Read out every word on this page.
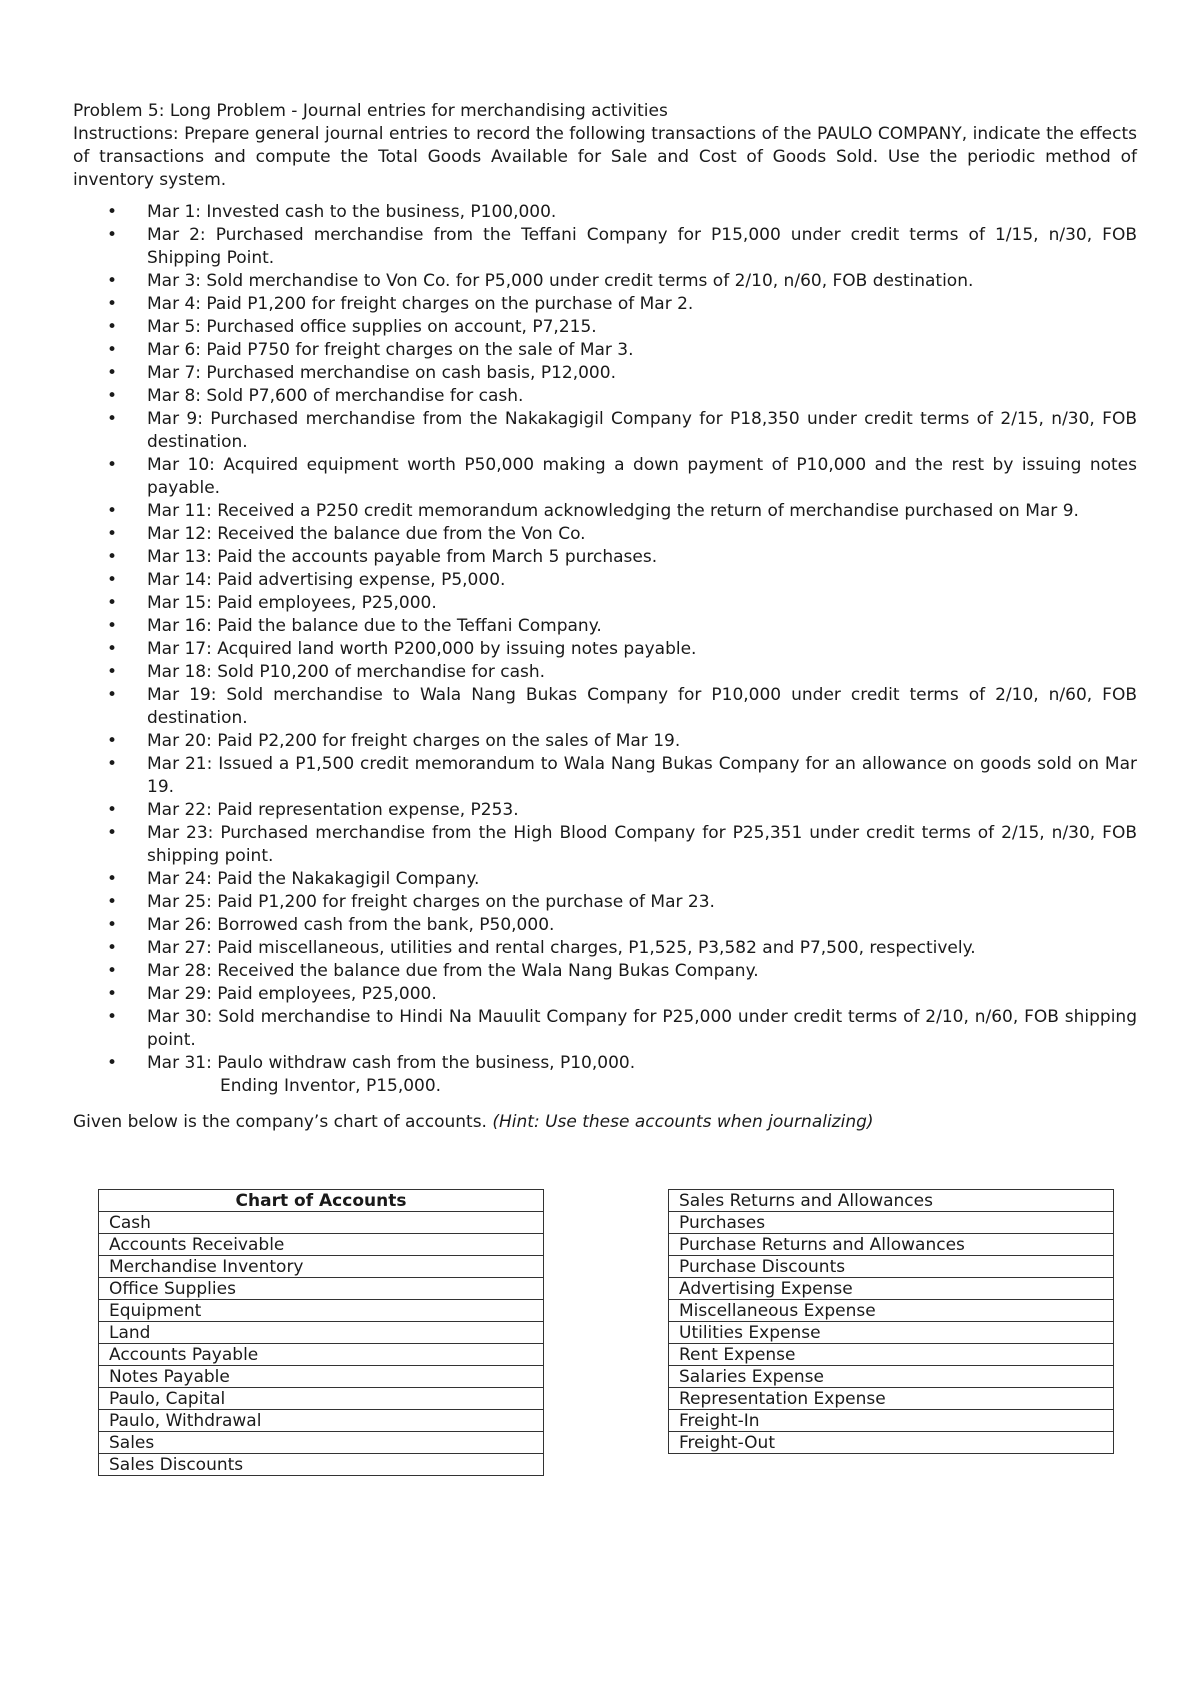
Problem 5: Long Problem - Journal entries for merchandising activities

Instructions: Prepare general journal entries to record the following transactions of the PAULO COMPANY, indicate the effects of transactions and compute the Total Goods Available for Sale and Cost of Goods Sold. Use the periodic method of inventory system.

• Mar 1: Invested cash to the business, P100,000.
• Mar 2: Purchased merchandise from the Teffani Company for P15,000 under credit terms of 1/15, n/30, FOB Shipping Point.
• Mar 3: Sold merchandise to Von Co. for P5,000 under credit terms of 2/10, n/60, FOB destination.
• Mar 4: Paid P1,200 for freight charges on the purchase of Mar 2.
• Mar 5: Purchased office supplies on account, P7,215.
• Mar 6: Paid P750 for freight charges on the sale of Mar 3.
• Mar 7: Purchased merchandise on cash basis, P12,000.
• Mar 8: Sold P7,600 of merchandise for cash.
• Mar 9: Purchased merchandise from the Nakakagigil Company for P18,350 under credit terms of 2/15, n/30, FOB destination.
• Mar 10: Acquired equipment worth P50,000 making a down payment of P10,000 and the rest by issuing notes payable.
• Mar 11: Received a P250 credit memorandum acknowledging the return of merchandise purchased on Mar 9.
• Mar 12: Received the balance due from the Von Co.
• Mar 13: Paid the accounts payable from March 5 purchases.
• Mar 14: Paid advertising expense, P5,000.
• Mar 15: Paid employees, P25,000.
• Mar 16: Paid the balance due to the Teffani Company.
• Mar 17: Acquired land worth P200,000 by issuing notes payable.
• Mar 18: Sold P10,200 of merchandise for cash.
• Mar 19: Sold merchandise to Wala Nang Bukas Company for P10,000 under credit terms of 2/10, n/60, FOB destination.
• Mar 20: Paid P2,200 for freight charges on the sales of Mar 19.
• Mar 21: Issued a P1,500 credit memorandum to Wala Nang Bukas Company for an allowance on goods sold on Mar 19.
• Mar 22: Paid representation expense, P253.
• Mar 23: Purchased merchandise from the High Blood Company for P25,351 under credit terms of 2/15, n/30, FOB shipping point.
• Mar 24: Paid the Nakakagigil Company.
• Mar 25: Paid P1,200 for freight charges on the purchase of Mar 23.
• Mar 26: Borrowed cash from the bank, P50,000.
• Mar 27: Paid miscellaneous, utilities and rental charges, P1,525, P3,582 and P7,500, respectively.
• Mar 28: Received the balance due from the Wala Nang Bukas Company.
• Mar 29: Paid employees, P25,000.
• Mar 30: Sold merchandise to Hindi Na Mauulit Company for P25,000 under credit terms of 2/10, n/60, FOB shipping point.
• Mar 31: Paulo withdraw cash from the business, P10,000.
Ending Inventor, P15,000.

Given below is the company’s chart of accounts. (Hint: Use these accounts when journalizing)

Chart of Accounts
Cash
Accounts Receivable
Merchandise Inventory
Office Supplies
Equipment
Land
Accounts Payable
Notes Payable
Paulo, Capital
Paulo, Withdrawal
Sales
Sales Discounts
Sales Returns and Allowances
Purchases
Purchase Returns and Allowances
Purchase Discounts
Advertising Expense
Miscellaneous Expense
Utilities Expense
Rent Expense
Salaries Expense
Representation Expense
Freight-In
Freight-Out
